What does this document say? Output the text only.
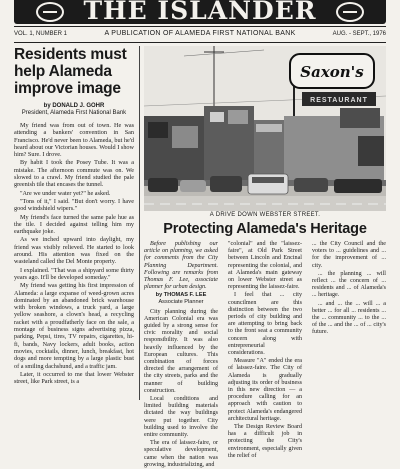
THE ISLANDER
VOL. 1, NUMBER 1	A PUBLICATION OF ALAMEDA FIRST NATIONAL BANK	AUG. - SEPT., 1976
Residents must help Alameda improve image
by DONALD J. GOHR
President, Alameda First National Bank

My friend was from out of town. He was attending a bankers' convention in San Francisco. He'd never been to Alameda, but he'd heard about our Victorian houses. Would I show him? Sure. I drove.

By habit I took the Posey Tube. It was a mistake. The afternoon commute was on. We slowed to a crawl. My friend studied the pale greenish tile that encases the tunnel.

"Are we under water yet?" he asked.

"Tons of it," I said. "But don't worry. I have good windshield wipers."

My friend's face turned the same pale hue as the tile. I decided against telling him my earthquake joke.

As we inched upward into daylight, my friend was visibly relieved. He started to look around. His attention was fixed on the wasteland called the Del Monte property.

I explained. "That was a shipyard some thirty years ago. It'll be developed someday."

My friend was getting his first impression of Alameda: a large expanse of weed-grown acres dominated by an abandoned brick warehouse with broken windows, a truck yard, a large yellow seashore, a clown's head, a recycling racket with a proudfatherly face on the sale, a montage of business signs advertising pizza, parking, Pepsi, tires, TV repairs, cigarettes, hi-fi, bands, Navy lockers, adult books, action movies, cocktails, dinner, lunch, breakfast, hot dogs and more tempting by a large plastic bust of a smiling dachshund, and a traffic jam.

Later, it occurred to me that lower Webster street, like Park street, is a

Saxon's
RESTAURANT
A DRIVE DOWN WEBSTER STREET.
Protecting Alameda's Heritage

Before publishing our article on planning, we asked for comments from the City Planning Department. Following are remarks from Thomas F. Lee, associate planner for urban design.

by THOMAS F. LEE
Associate Planner

City planning during the American Colonial era was guided by a strong sense for civic morality and social responsibility. It was also heavily influenced by the European cultures. This combination of forces directed the arrangement of the city streets, parks and the manner of building construction.

Local conditions and limited building materials dictated the way buildings were put together. City building used to involve the entire community.

The era of laissez-faire, or speculative development, came when the nation was growing, industrializing, and

"colonial" and the "laissez-faire", at Old Park Street between Lincoln and Encinal representing the colonial, and at Alameda's main gateway on lower Webster street as representing the laissez-faire.

I feel that ... city councilmen are this distinction between the two periods of city building and are attempting to bring back to the front seat a community concern along with entrepreneurial considerations.

Measure "A" ended the era of laissez-faire. The City of Alameda is gradually adjusting its order of business in this new direction — a procedure calling for an approach with caution to protect Alameda's endangered architectural heritage.

The Design Review Board has a difficult job in protecting the City's environment, especially given the relief of

... the City Council and the voters to ... guidelines and ... for the improvement of ... city.

... the planning ... will reflect ... the concern of ... residents and ... of Alameda's ... heritage.

... and ... the ... will ... a better ... for all ... residents ... the ... community ... to the ... of the ... and the ... of ... city's future.
